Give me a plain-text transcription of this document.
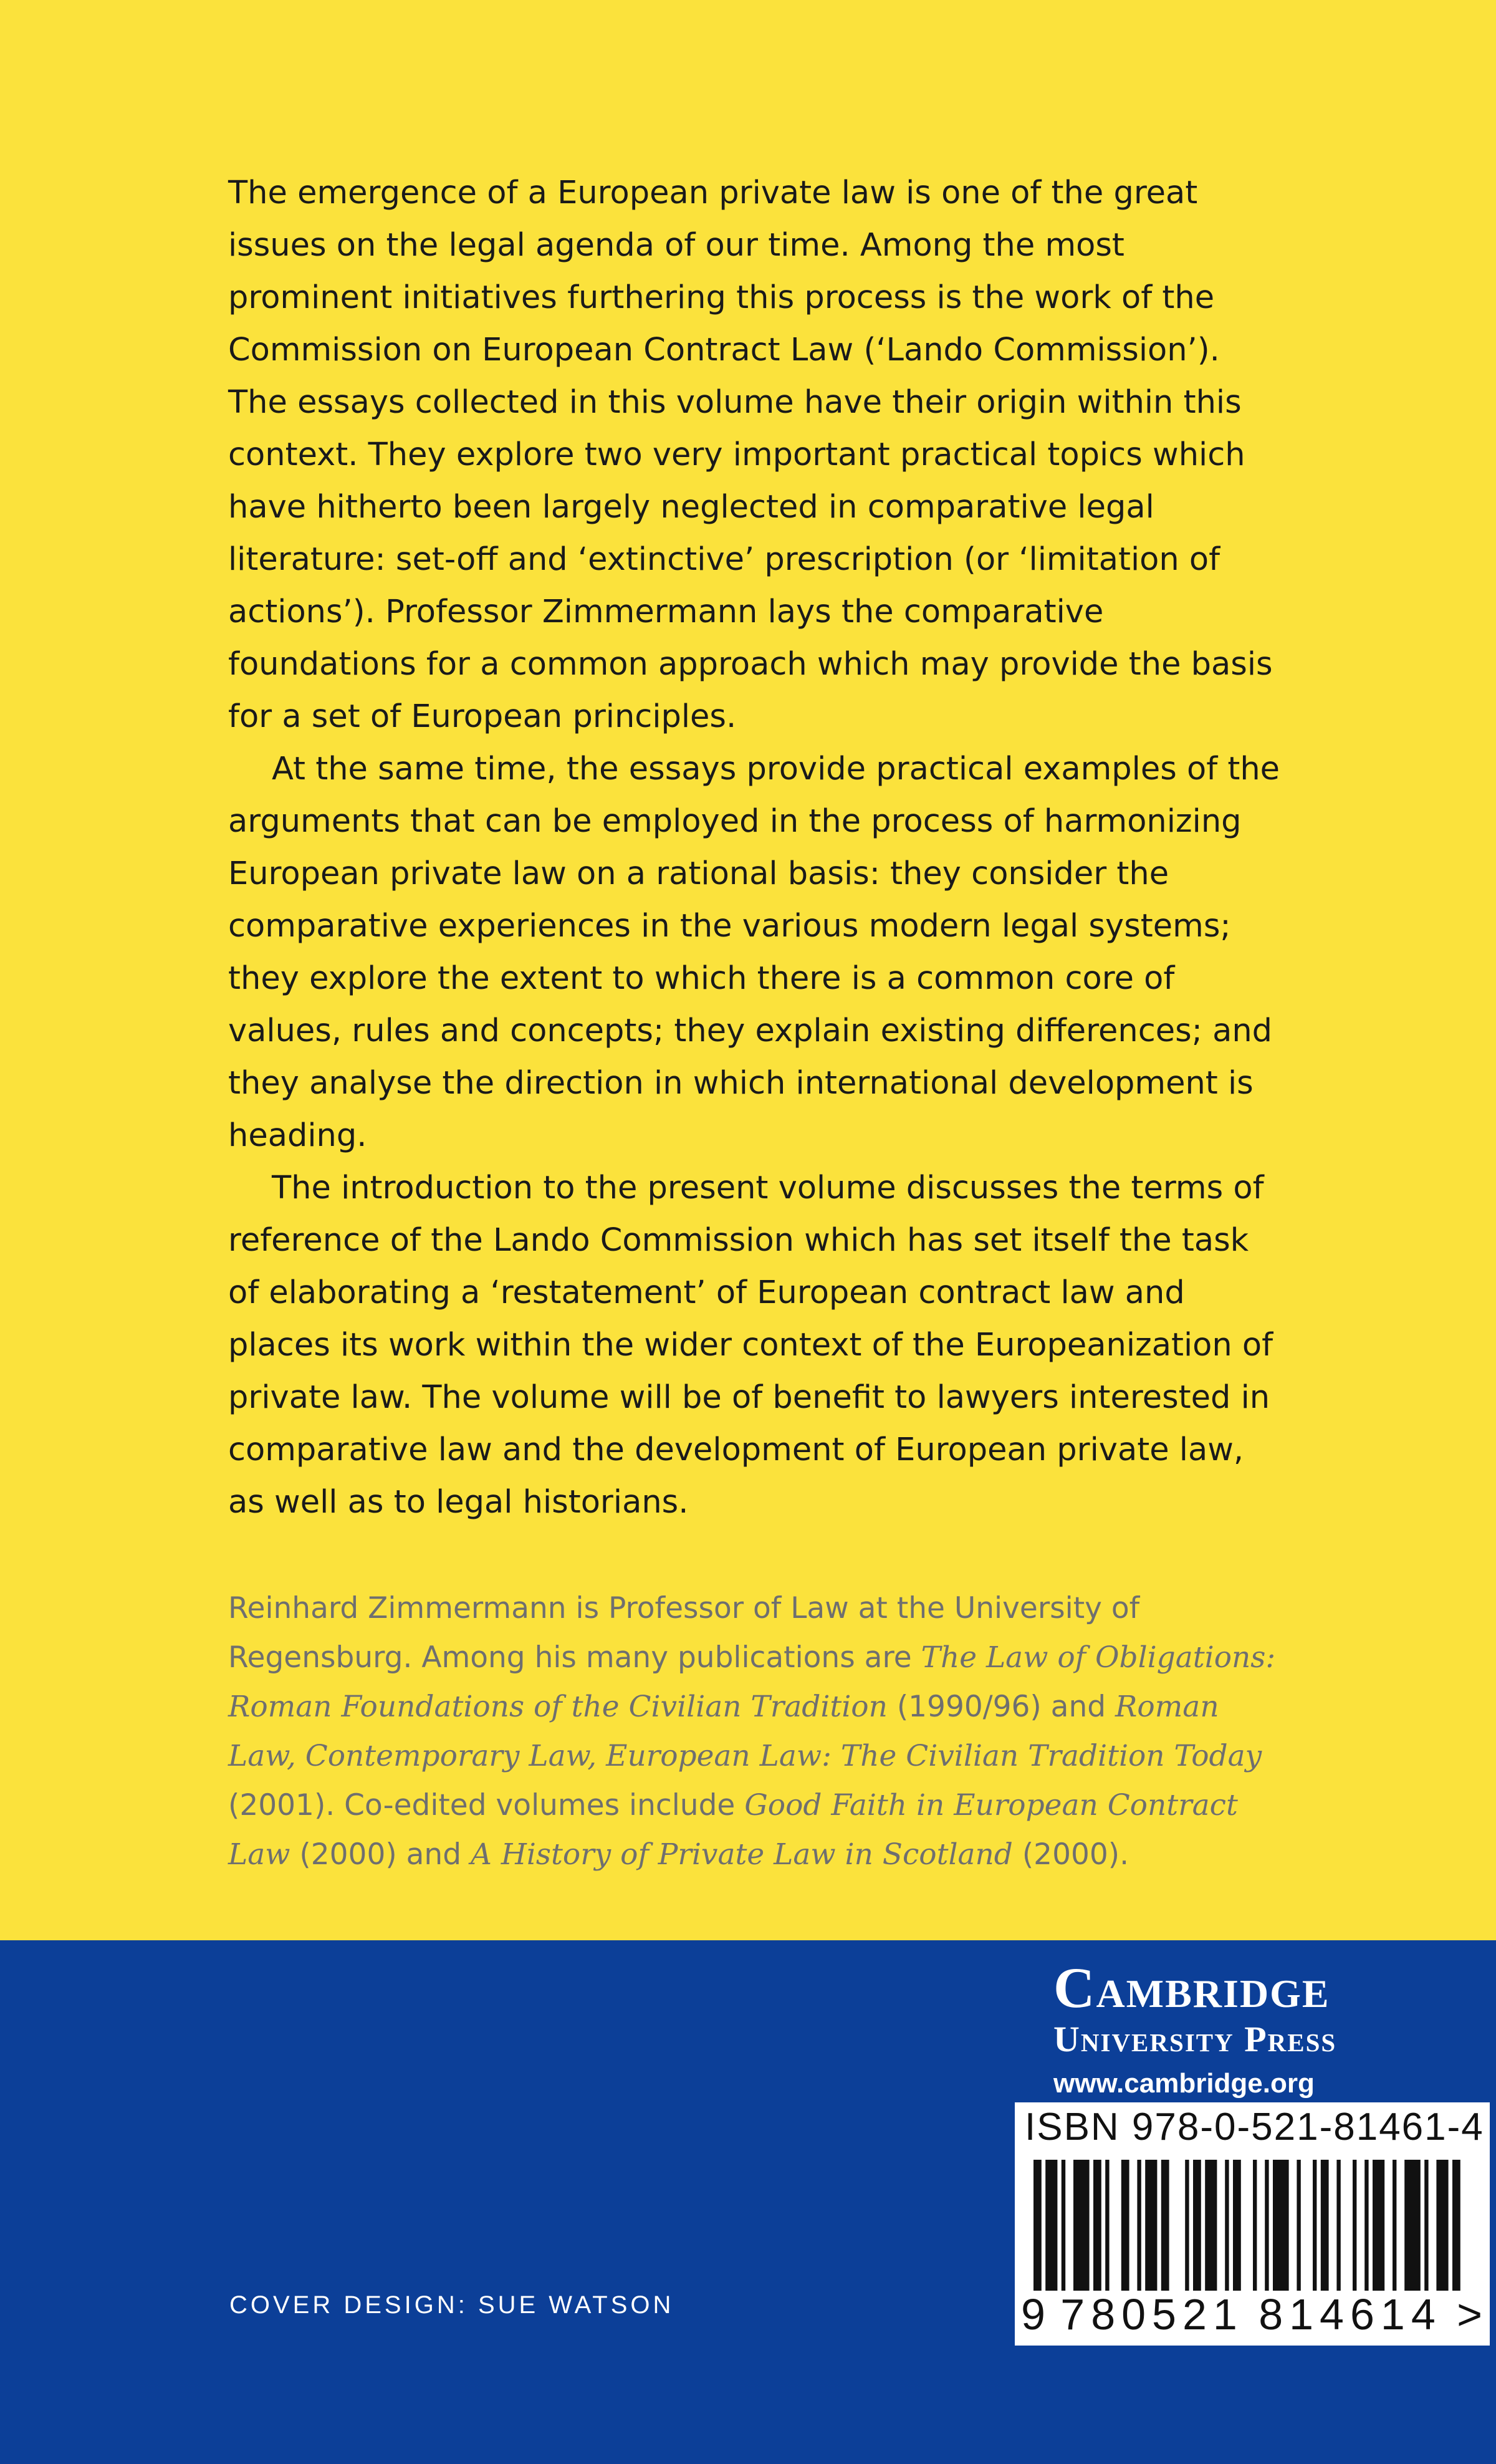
The emergence of a European private law is one of the great issues on the legal agenda of our time. Among the most prominent initiatives furthering this process is the work of the Commission on European Contract Law (‘Lando Commission’). The essays collected in this volume have their origin within this context. They explore two very important practical topics which have hitherto been largely neglected in comparative legal literature: set-off and ‘extinctive’ prescription (or ‘limitation of actions’). Professor Zimmermann lays the comparative foundations for a common approach which may provide the basis for a set of European principles.

At the same time, the essays provide practical examples of the arguments that can be employed in the process of harmonizing European private law on a rational basis: they consider the comparative experiences in the various modern legal systems; they explore the extent to which there is a common core of values, rules and concepts; they explain existing differences; and they analyse the direction in which international development is heading.

The introduction to the present volume discusses the terms of reference of the Lando Commission which has set itself the task of elaborating a ‘restatement’ of European contract law and places its work within the wider context of the Europeanization of private law. The volume will be of benefit to lawyers interested in comparative law and the development of European private law, as well as to legal historians.

Reinhard Zimmermann is Professor of Law at the University of Regensburg. Among his many publications are The Law of Obligations: Roman Foundations of the Civilian Tradition (1990/96) and Roman Law, Contemporary Law, European Law: The Civilian Tradition Today (2001). Co-edited volumes include Good Faith in European Contract Law (2000) and A History of Private Law in Scotland (2000).
Cambridge
University Press
www.cambridge.org
ISBN 978-0-521-81461-4
9 780521 814614 >
COVER DESIGN: SUE WATSON
